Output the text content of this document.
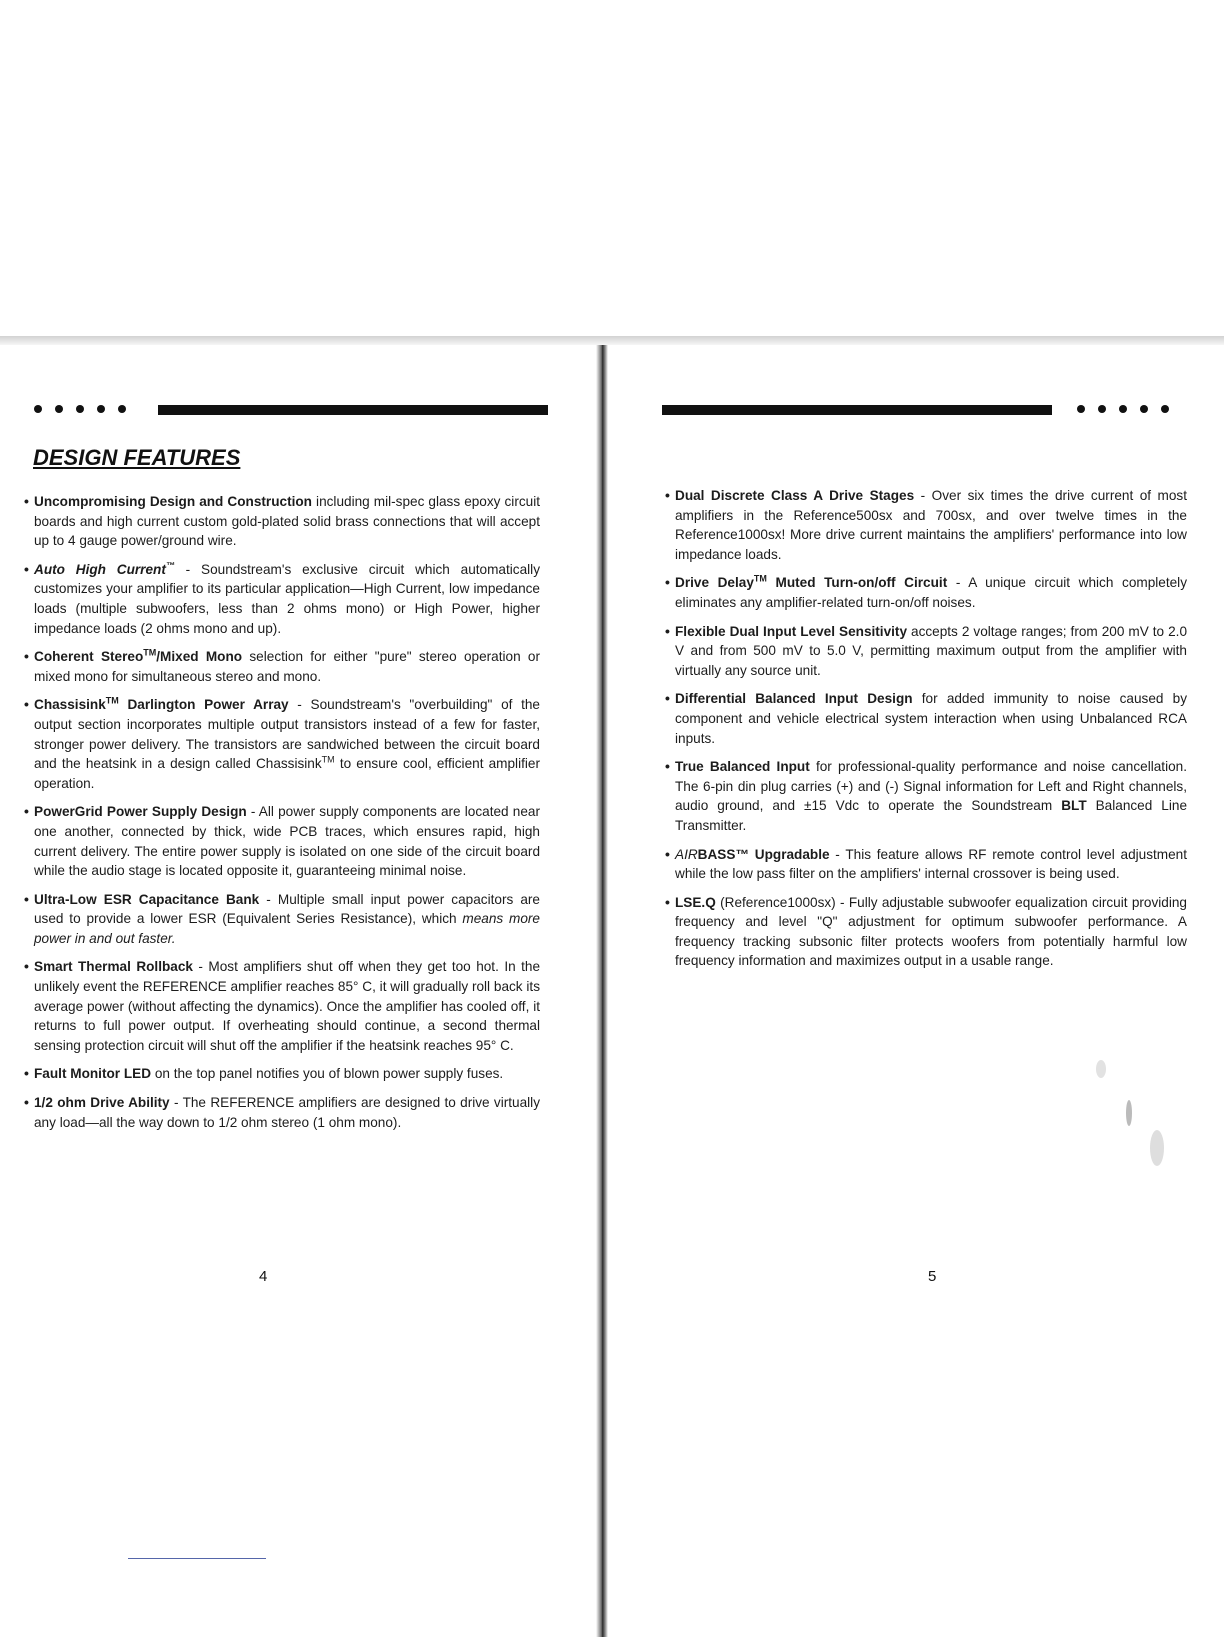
DESIGN FEATURES
• Uncompromising Design and Construction including mil-spec glass epoxy circuit boards and high current custom gold-plated solid brass connections that will accept up to 4 gauge power/ground wire.
• Auto High Current™ - Soundstream's exclusive circuit which automatically customizes your amplifier to its particular application—High Current, low impedance loads (multiple subwoofers, less than 2 ohms mono) or High Power, higher impedance loads (2 ohms mono and up).
• Coherent Stereo™/Mixed Mono selection for either "pure" stereo operation or mixed mono for simultaneous stereo and mono.
• Chassisink™ Darlington Power Array - Soundstream's "overbuilding" of the output section incorporates multiple output transistors instead of a few for faster, stronger power delivery. The transistors are sandwiched between the circuit board and the heatsink in a design called Chassisink™ to ensure cool, efficient amplifier operation.
• PowerGrid Power Supply Design - All power supply components are located near one another, connected by thick, wide PCB traces, which ensures rapid, high current delivery. The entire power supply is isolated on one side of the circuit board while the audio stage is located opposite it, guaranteeing minimal noise.
• Ultra-Low ESR Capacitance Bank - Multiple small input power capacitors are used to provide a lower ESR (Equivalent Series Resistance), which means more power in and out faster.
• Smart Thermal Rollback - Most amplifiers shut off when they get too hot. In the unlikely event the REFERENCE amplifier reaches 85° C, it will gradually roll back its average power (without affecting the dynamics). Once the amplifier has cooled off, it returns to full power output. If overheating should continue, a second thermal sensing protection circuit will shut off the amplifier if the heatsink reaches 95° C.
• Fault Monitor LED on the top panel notifies you of blown power supply fuses.
• 1/2 ohm Drive Ability - The REFERENCE amplifiers are designed to drive virtually any load—all the way down to 1/2 ohm stereo (1 ohm mono).
4
• Dual Discrete Class A Drive Stages - Over six times the drive current of most amplifiers in the Reference500sx and 700sx, and over twelve times in the Reference1000sx! More drive current maintains the amplifiers' performance into low impedance loads.
• Drive Delay™ Muted Turn-on/off Circuit - A unique circuit which completely eliminates any amplifier-related turn-on/off noises.
• Flexible Dual Input Level Sensitivity accepts 2 voltage ranges; from 200 mV to 2.0 V and from 500 mV to 5.0 V, permitting maximum output from the amplifier with virtually any source unit.
• Differential Balanced Input Design for added immunity to noise caused by component and vehicle electrical system interaction when using Unbalanced RCA inputs.
• True Balanced Input for professional-quality performance and noise cancellation. The 6-pin din plug carries (+) and (-) Signal information for Left and Right channels, audio ground, and ±15 Vdc to operate the Soundstream BLT Balanced Line Transmitter.
• AIRBASS™ Upgradable - This feature allows RF remote control level adjustment while the low pass filter on the amplifiers' internal crossover is being used.
• LSE.Q (Reference1000sx) - Fully adjustable subwoofer equalization circuit providing frequency and level "Q" adjustment for optimum subwoofer performance. A frequency tracking subsonic filter protects woofers from potentially harmful low frequency information and maximizes output in a usable range.
5
